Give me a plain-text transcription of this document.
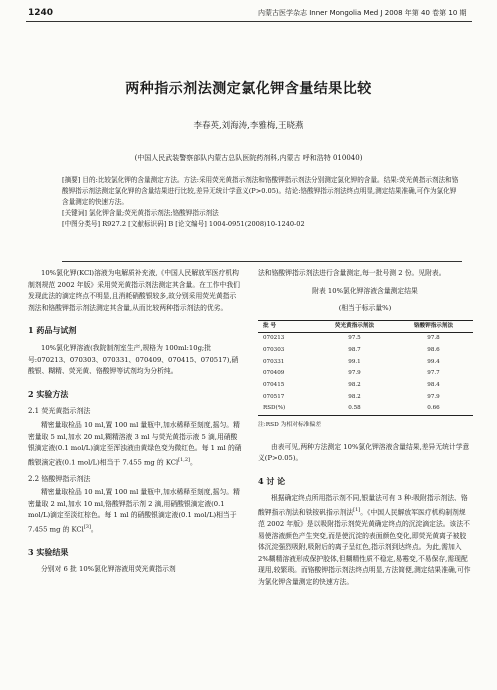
1240	内蒙古医学杂志 Inner Mongolia Med J 2008 年第 40 卷第 10 期
两种指示剂法测定氯化钾含量结果比较
李春英,刘海涛,李雅梅,王晓燕
(中国人民武装警察部队内蒙古总队医院药剂科,内蒙古 呼和浩特 010040)

[摘要] 目的:比较氯化钾的含量测定方法。方法:采用荧光黄指示剂法和铬酸钾指示剂法分别测定氯化钾的含量。结果:荧光黄指示剂法和铬酸钾指示剂法测定氯化钾的含量结果进行比较,差异无统计学意义(P>0.05)。结论:铬酸钾指示剂法终点明显,测定结果准确,可作为氯化钾含量测定的快速方法。

[关键词] 氯化钾含量;荧光黄指示剂法;铬酸钾指示剂法

[中图分类号] R927.2 [文献标识码] B [论文编号] 1004-0951(2008)10-1240-02

10%氯化钾(KCl)溶液为电解质补充液,《中国人民解放军医疗机构制剂规范 2002 年版》采用荧光黄指示剂法测定其含量。在工作中我们发现此法的滴定终点不明显,且消耗硝酸银较多,故分别采用荧光黄指示剂法和铬酸钾指示剂法测定其含量,从而比较两种指示剂法的优劣。

1 药品与试剂

10%氯化钾溶液(我院制剂室生产,规格为 100ml:10g;批号:070213、070303、070331、070409、070415、070517),硝酸银、糊精、荧光黄、铬酸钾等试剂均为分析纯。

2 实验方法
2.1 荧光黄指示剂法

精密量取检品 10 ml,置 100 ml 量瓶中,加水稀释至刻度,摇匀。精密量取 5 ml,加水 20 ml,糊精溶液 3 ml 与荧光黄指示液 5 滴,用硝酸银滴定液(0.1 mol/L)滴定至浑浊液由黄绿色变为微红色。每 1 ml 的硝酸银滴定液(0.1 mol/L)相当于 7.455 mg 的 KCl[1,2]。

2.2 铬酸钾指示剂法

精密量取检品 10 ml,置 100 ml 量瓶中,加水稀释至刻度,摇匀。精密量取 2 ml,加水 10 ml,铬酸钾指示剂 2 滴,用硝酸银滴定液(0.1 mol/L)滴定至淡红棕色。每 1 ml 的硝酸银滴定液(0.1 mol/L)相当于 7.455 mg 的 KCl[3]。

3 实验结果

分别对 6 批 10%氯化钾溶液用荧光黄指示剂

法和铬酸钾指示剂法进行含量测定,每一批号测 2 份。见附表。

附表 10%氯化钾溶液含量测定结果
(相当于标示量%)
批 号	荧光黄指示剂法	铬酸钾指示剂法
070213	97.5	97.8
070303	98.7	98.6
070331	99.1	99.4
070409	97.9	97.7
070415	98.2	98.4
070517	98.2	97.9
RSD(%)	0.58	0.66
注:RSD 为相对标准偏差

由表可见,两种方法测定 10%氯化钾溶液含量结果,差异无统计学意义(P>0.05)。

4 讨 论

根据确定终点所用指示剂不同,银量法可有 3 种:吸附指示剂法、铬酸钾指示剂法和铁铵矾指示剂法[1]。《中国人民解放军医疗机构制剂规范 2002 年版》是以吸附指示剂荧光黄确定终点的沉淀滴定法。该法不易使溶液颜色产生突变,而是使沉淀的表面颜色变化,即荧光黄离子被胶体沉淀强烈吸附,吸附后的离子呈红色,指示剂到达终点。为此,需加入 2%糊精溶液形成保护胶体,但糊精性质不稳定,易霉变,不易保存,需现配现用,较繁琐。而铬酸钾指示剂法终点明显,方法简便,测定结果准确,可作为氯化钾含量测定的快速方法。
